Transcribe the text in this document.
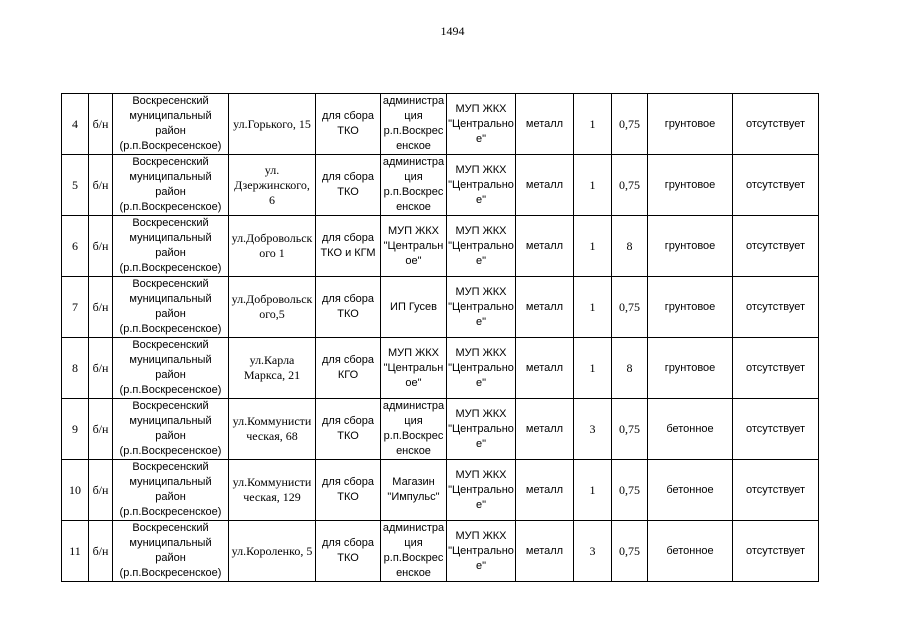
1494
4	б/н	Воскресенский
муниципальный
район
(р.п.Воскресенское)	ул.Горького, 15	для сбора
ТКО	администра
ция
р.п.Воскрес
енское	МУП ЖКХ
"Центрально
е"	металл	1	0,75	грунтовое	отсутствует
5	б/н	Воскресенский
муниципальный
район
(р.п.Воскресенское)	ул.
Дзержинского,
6	для сбора
ТКО	администра
ция
р.п.Воскрес
енское	МУП ЖКХ
"Центрально
е"	металл	1	0,75	грунтовое	отсутствует
6	б/н	Воскресенский
муниципальный
район
(р.п.Воскресенское)	ул.Добровольск
ого 1	для сбора
ТКО и КГМ	МУП ЖКХ
"Центральн
ое"	МУП ЖКХ
"Центрально
е"	металл	1	8	грунтовое	отсутствует
7	б/н	Воскресенский
муниципальный
район
(р.п.Воскресенское)	ул.Добровольск
ого,5	для сбора
ТКО	ИП Гусев	МУП ЖКХ
"Центрально
е"	металл	1	0,75	грунтовое	отсутствует
8	б/н	Воскресенский
муниципальный
район
(р.п.Воскресенское)	ул.Карла
Маркса, 21	для сбора
КГО	МУП ЖКХ
"Центральн
ое"	МУП ЖКХ
"Центрально
е"	металл	1	8	грунтовое	отсутствует
9	б/н	Воскресенский
муниципальный
район
(р.п.Воскресенское)	ул.Коммунисти
ческая, 68	для сбора
ТКО	администра
ция
р.п.Воскрес
енское	МУП ЖКХ
"Центрально
е"	металл	3	0,75	бетонное	отсутствует
10	б/н	Воскресенский
муниципальный
район
(р.п.Воскресенское)	ул.Коммунисти
ческая, 129	для сбора
ТКО	Магазин
"Импульс"	МУП ЖКХ
"Центрально
е"	металл	1	0,75	бетонное	отсутствует
11	б/н	Воскресенский
муниципальный
район
(р.п.Воскресенское)	ул.Короленко, 5	для сбора
ТКО	администра
ция
р.п.Воскрес
енское	МУП ЖКХ
"Центрально
е"	металл	3	0,75	бетонное	отсутствует
